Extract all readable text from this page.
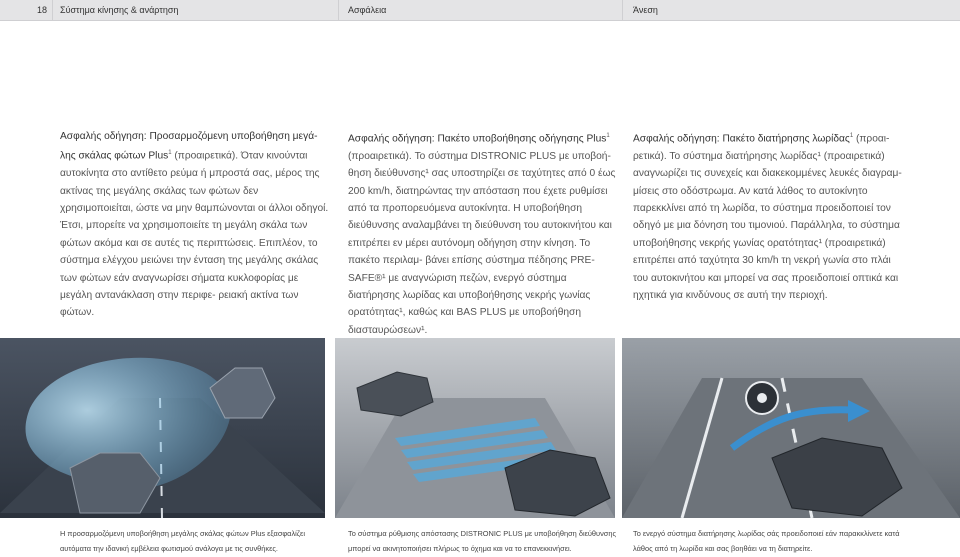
18 Σύστημα κίνησης & ανάρτηση	Ασφάλεια	Άνεση
Ασφαλής οδήγηση: Προσαρμοζόμενη υποβοήθηση μεγά- λης σκάλας φώτων Plus$^1$ (προαιρετικά). Όταν κινούνται αυτοκίνητα στο αντίθετο ρεύμα ή μπροστά σας, μέρος της ακτίνας της μεγάλης σκάλας των φώτων δεν χρησιμοποιείται, ώστε να μην θαμπώνονται οι άλλοι οδηγοί. Έτσι, μπορείτε να χρησιμοποιείτε τη μεγάλη σκάλα των φώτων ακόμα και σε αυτές τις περιπτώσεις. Επιπλέον, το σύστημα ελέγχου μειώνει την ένταση της μεγάλης σκάλας των φώτων εάν αναγνωρίσει σήματα κυκλοφορίας με μεγάλη αντανάκλαση στην περιφε- ρειακή ακτίνα των φώτων.
Ασφαλής οδήγηση: Πακέτο υποβοήθησης οδήγησης Plus$^1$ (προαιρετικά). Το σύστημα DISTRONIC PLUS με υποβοή- θηση διεύθυνσης¹ σας υποστηρίζει σε ταχύτητες από 0 έως 200 km/h, διατηρώντας την απόσταση που έχετε ρυθμίσει από τα προπορευόμενα αυτοκίνητα. Η υποβοήθηση διεύθυνσης αναλαμβάνει τη διεύθυνση του αυτοκινήτου και επιτρέπει εν μέρει αυτόνομη οδήγηση στην κίνηση. Το πακέτο περιλαμ- βάνει επίσης σύστημα πέδησης PRE-SAFE®¹ με αναγνώριση πεζών, ενεργό σύστημα διατήρησης λωρίδας και υποβοήθησης νεκρής γωνίας ορατότητας¹, καθώς και BAS PLUS με υποβοήθηση διασταυρώσεων¹.
Ασφαλής οδήγηση: Πακέτο διατήρησης λωρίδας$^1$ (προαι- ρετικά). Το σύστημα διατήρησης λωρίδας¹ (προαιρετικά) αναγνωρίζει τις συνεχείς και διακεκομμένες λευκές διαγραμ- μίσεις στο οδόστρωμα. Αν κατά λάθος το αυτοκίνητο παρεκκλίνει από τη λωρίδα, το σύστημα προειδοποιεί τον οδηγό με μια δόνηση του τιμονιού. Παράλληλα, το σύστημα υποβοήθησης νεκρής γωνίας ορατότητας¹ (προαιρετικά) επιτρέπει από ταχύτητα 30 km/h τη νεκρή γωνία στο πλάι του αυτοκινήτου και μπορεί να σας προειδοποιεί οπτικά και ηχητικά για κινδύνους σε αυτή την περιοχή.
Η προσαρμοζόμενη υποβοήθηση μεγάλης σκάλας φώτων Plus εξασφαλίζει αυτόματα την ιδανική εμβέλεια φωτισμού ανάλογα με τις συνθήκες.
Το σύστημα ρύθμισης απόστασης DISTRONIC PLUS με υποβοήθηση διεύθυνσης μπορεί να ακινητοποιήσει πλήρως το όχημα και να το επανεκκινήσει.
Το ενεργό σύστημα διατήρησης λωρίδας σάς προειδοποιεί εάν παρακκλίνετε κατά λάθος από τη λωρίδα και σας βοηθάει να τη διατηρείτε.
